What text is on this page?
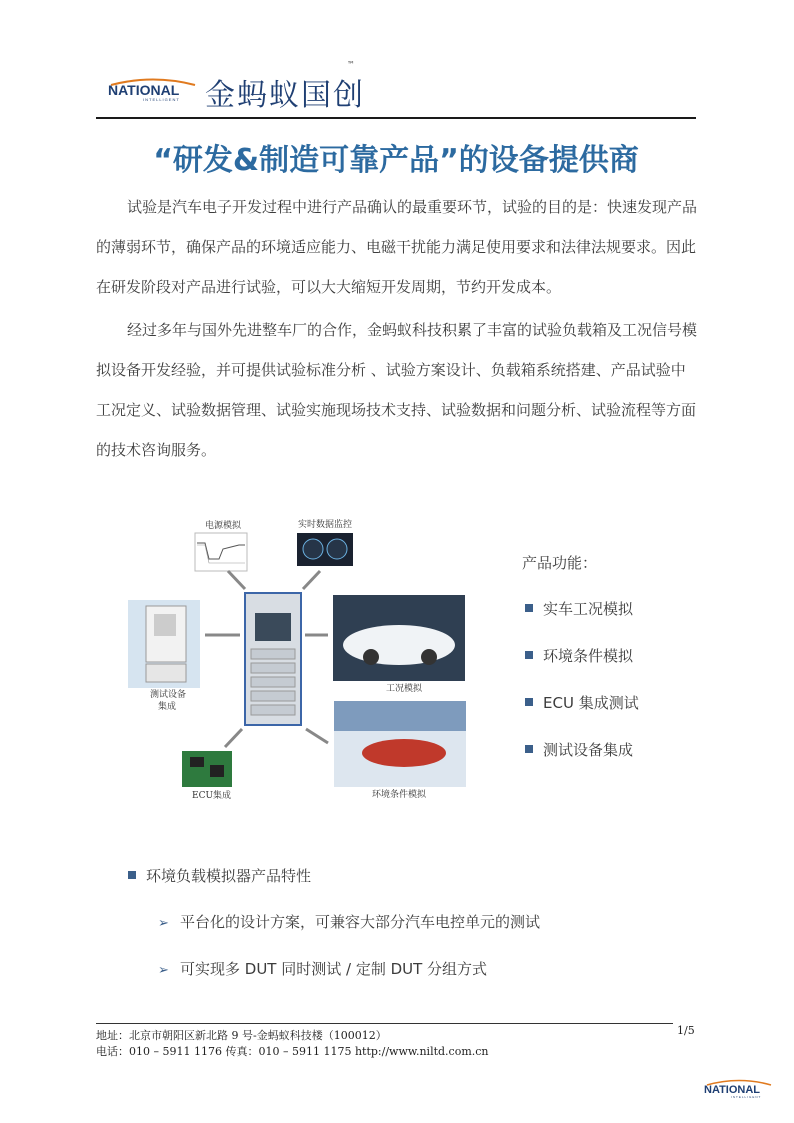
NATIONAL
INTELLIGENT 金蚂蚁国创
™
“研发&制造可靠产品”的设备提供商

试验是汽车电子开发过程中进行产品确认的最重要环节，试验的目的是：快速发现产品的薄弱环节，确保产品的环境适应能力、电磁干扰能力满足使用要求和法律法规要求。因此在研发阶段对产品进行试验，可以大大缩短开发周期，节约开发成本。

经过多年与国外先进整车厂的合作，金蚂蚁科技积累了丰富的试验负载箱及工况信号模拟设备开发经验，并可提供试验标准分析 、试验方案设计、负载箱系统搭建、产品试验中工况定义、试验数据管理、试验实施现场技术支持、试验数据和问题分析、试验流程等方面的技术咨询服务。

电源模拟	实时数据监控
测试设备
集成
工况模拟
ECU集成	环境条件模拟
产品功能：
实车工况模拟
环境条件模拟
ECU 集成测试
测试设备集成
环境负载模拟器产品特性
➢ 平台化的设计方案，可兼容大部分汽车电控单元的测试
➢ 可实现多 DUT 同时测试 / 定制 DUT 分组方式
地址：北京市朝阳区新北路 9 号-金蚂蚁科技楼（100012）	1/5
电话：010 – 5911 1176 传真：010 – 5911 1175 http://www.niltd.com.cn
NATIONAL
INTELLIGENT
